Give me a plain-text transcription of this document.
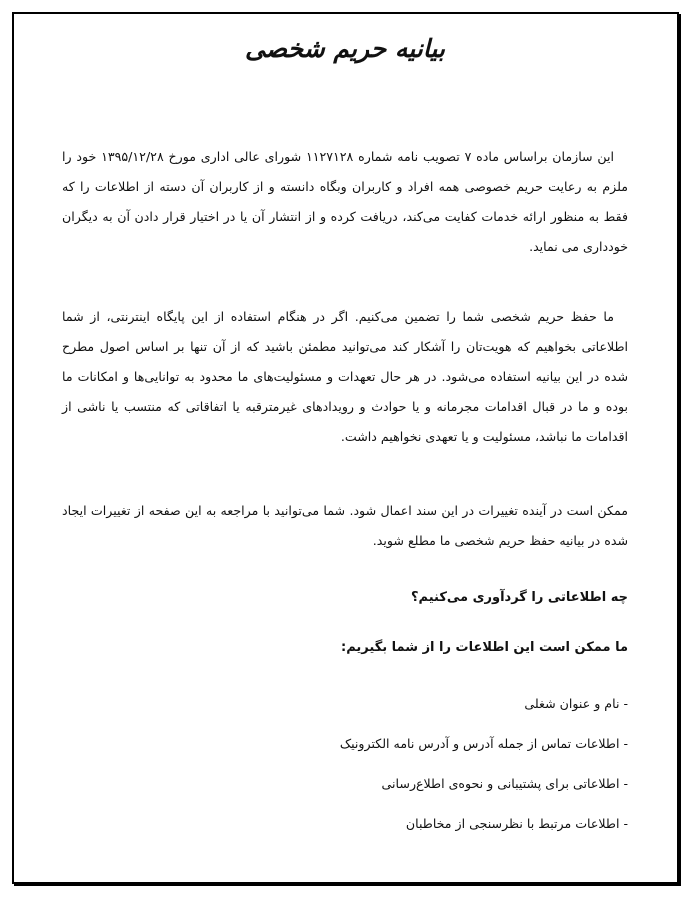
بیانیه حریم شخصی

این سازمان براساس ماده ۷ تصویب نامه شماره ۱۱۲۷۱۲۸ شورای عالی اداری مورخ ۱۳۹۵/۱۲/۲۸ خود را ملزم به رعایت حریم خصوصی همه افراد و کاربران وبگاه دانسته و از کاربران آن دسته از اطلاعات را که فقط به منظور ارائه خدمات کفایت می‌کند، دریافت کرده و از انتشار آن یا در اختیار قرار دادن آن به دیگران خودداری می نماید.

ما حفظ حریم شخصی شما را تضمین می‌کنیم. اگر در هنگام استفاده از این پایگاه اینترنتی، از شما اطلاعاتی بخواهیم که هویت‌تان را آشکار کند می‌توانید مطمئن باشید که از آن تنها بر اساس اصول مطرح شده در این بیانیه استفاده می‌شود. در هر حال تعهدات و مسئولیت‌های ما محدود به توانایی‌ها و امکانات ما بوده و ما در قبال اقدامات مجرمانه و یا حوادث و رویدادهای غیرمترقبه یا اتفاقاتی که منتسب یا ناشی از اقدامات ما نباشد، مسئولیت و یا تعهدی نخواهیم داشت.

ممکن است در آینده تغییرات در این سند اعمال شود. شما می‌توانید با مراجعه به این صفحه از تغییرات ایجاد شده در بیانیه حفظ حریم شخصی ما مطلع شوید.

چه اطلاعاتی را گردآوری می‌کنیم؟
ما ممکن است این اطلاعات را از شما بگیریم:
- نام و عنوان شغلی
- اطلاعات تماس از جمله آدرس و آدرس نامه الکترونیک
- اطلاعاتی برای پشتیبانی و نحوه‌ی اطلاع‌رسانی
- اطلاعات مرتبط با نظرسنجی از مخاطبان
